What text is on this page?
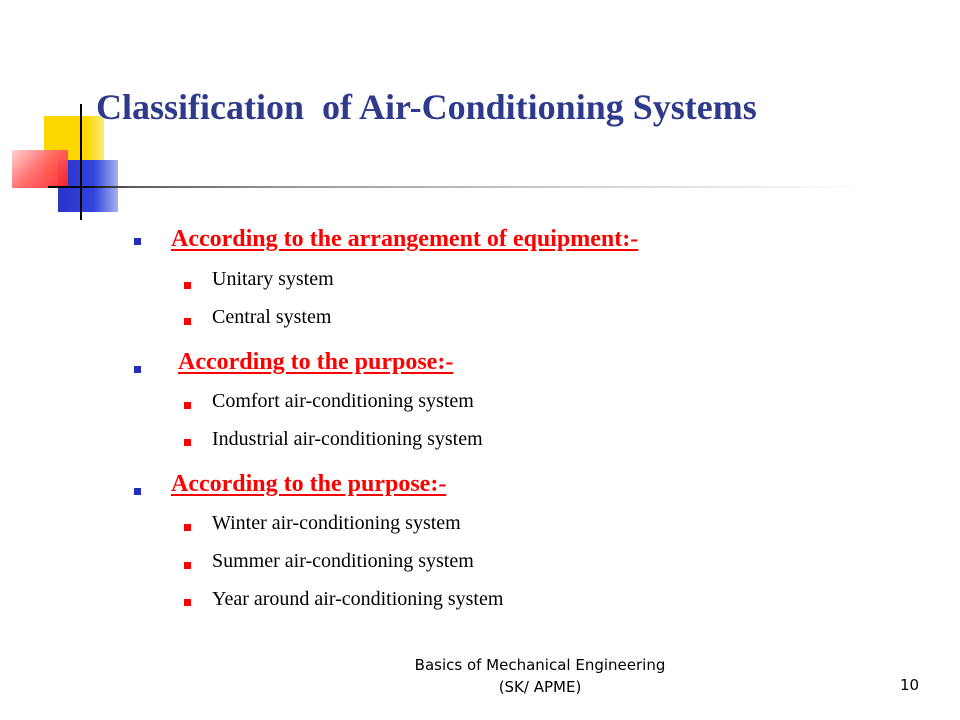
Classification  of Air-Conditioning Systems

According to the arrangement of equipment:-

Unitary system

Central system

According to the purpose:-

Comfort air-conditioning system

Industrial air-conditioning system

According to the purpose:-

Winter air-conditioning system

Summer air-conditioning system

Year around air-conditioning system

Basics of Mechanical Engineering
(SK/ APME)	10
